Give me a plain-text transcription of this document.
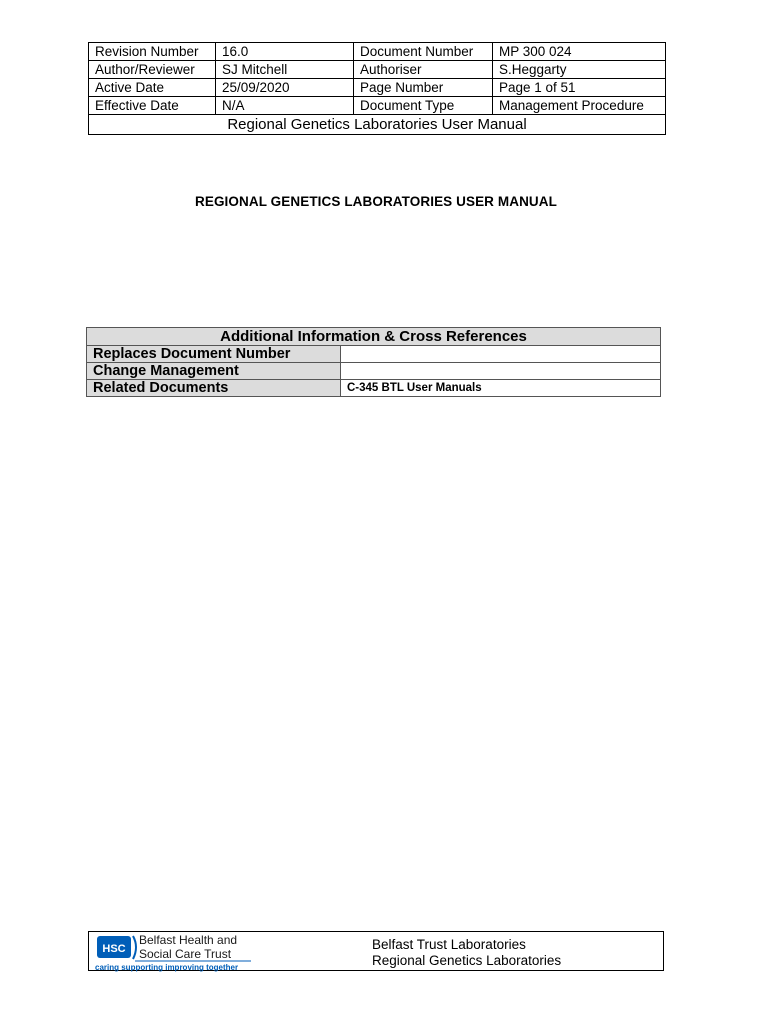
Revision Number	16.0	Document Number	MP 300 024
Author/Reviewer	SJ Mitchell	Authoriser	S.Heggarty
Active Date	25/09/2020	Page Number	Page 1 of 51
Effective Date	N/A	Document Type	Management Procedure
Regional Genetics Laboratories User Manual			
REGIONAL GENETICS LABORATORIES USER MANUAL
Additional Information & Cross References	
Replaces Document Number	
Change Management	
Related Documents	C-345 BTL User Manuals
HSC
Belfast Health and
Social Care Trust
caring supporting improving together
Belfast Trust Laboratories
Regional Genetics Laboratories
